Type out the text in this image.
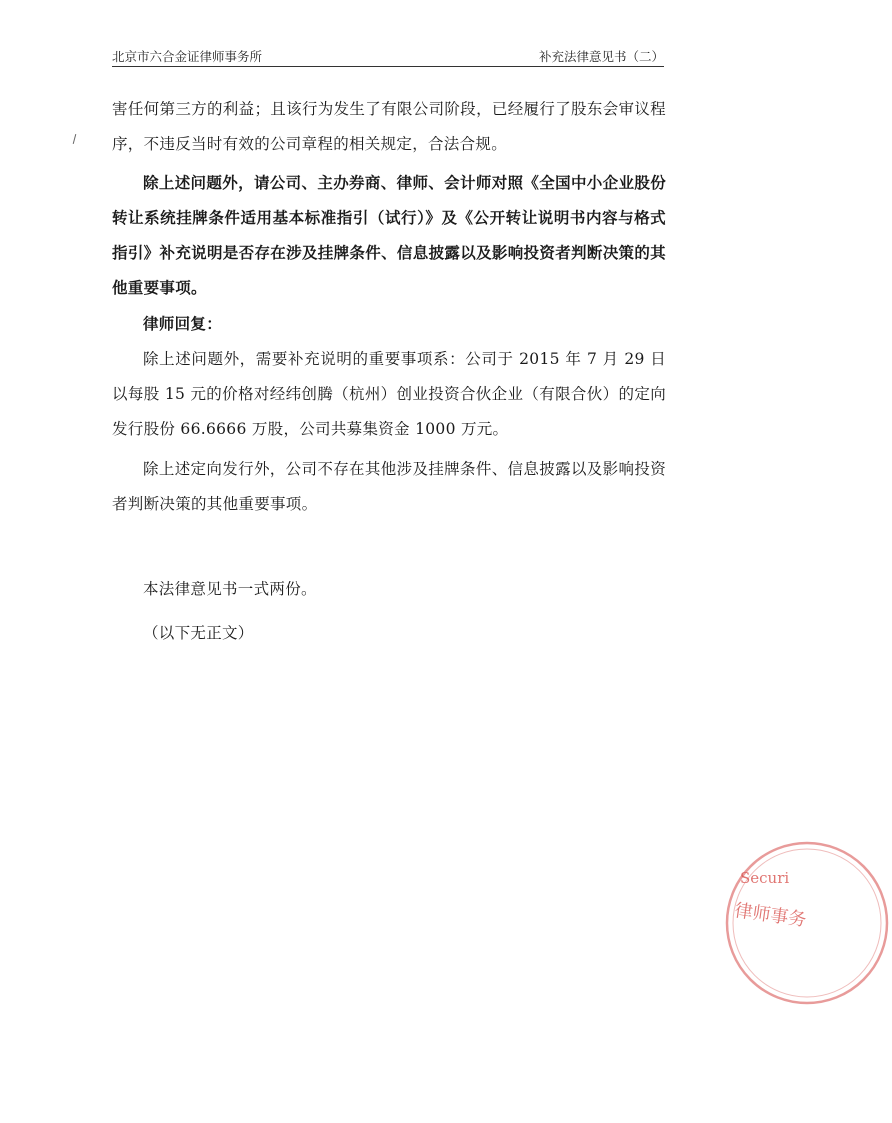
北京市六合金证律师事务所	补充法律意见书（二）

害任何第三方的利益；且该行为发生了有限公司阶段，已经履行了股东会审议程序，不违反当时有效的公司章程的相关规定，合法合规。

除上述问题外，请公司、主办券商、律师、会计师对照《全国中小企业股份转让系统挂牌条件适用基本标准指引（试行）》及《公开转让说明书内容与格式指引》补充说明是否存在涉及挂牌条件、信息披露以及影响投资者判断决策的其他重要事项。

律师回复：

除上述问题外，需要补充说明的重要事项系：公司于 2015 年 7 月 29 日以每股 15 元的价格对经纬创腾（杭州）创业投资合伙企业（有限合伙）的定向发行股份 66.6666 万股，公司共募集资金 1000 万元。

除上述定向发行外，公司不存在其他涉及挂牌条件、信息披露以及影响投资者判断决策的其他重要事项。

本法律意见书一式两份。

（以下无正文）

Securi
律师事务
